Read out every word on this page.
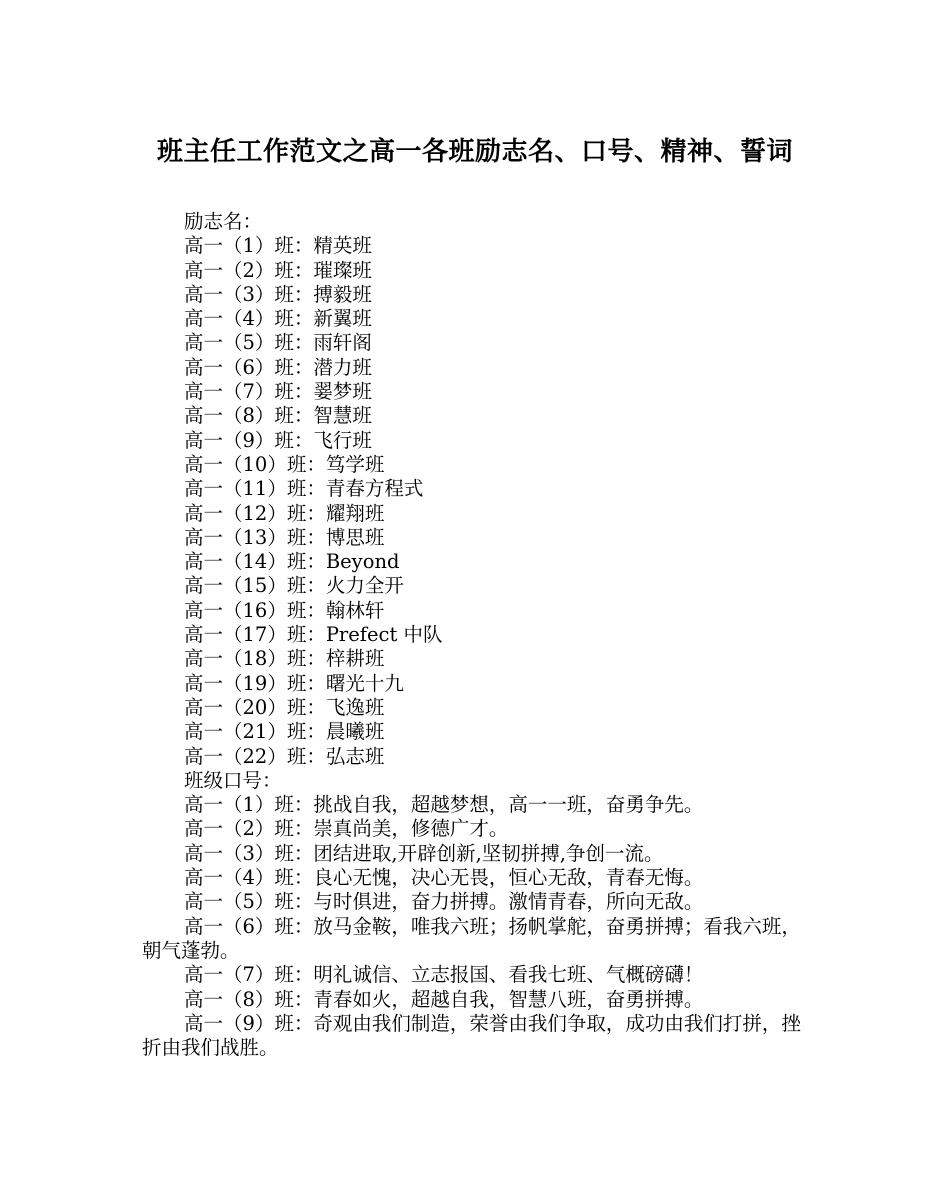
班主任工作范文之高一各班励志名、口号、精神、誓词

励志名：

高一（1）班：精英班

高一（2）班：璀璨班

高一（3）班：搏毅班

高一（4）班：新翼班

高一（5）班：雨轩阁

高一（6）班：潜力班

高一（7）班：翣梦班

高一（8）班：智慧班

高一（9）班：飞行班

高一（10）班：笃学班

高一（11）班：青春方程式

高一（12）班：耀翔班

高一（13）班：博思班

高一（14）班：Beyond

高一（15）班：火力全开

高一（16）班：翰林轩

高一（17）班：Prefect 中队

高一（18）班：梓耕班

高一（19）班：曙光十九

高一（20）班：飞逸班

高一（21）班：晨曦班

高一（22）班：弘志班

班级口号：

高一（1）班：挑战自我，超越梦想，高一一班，奋勇争先。

高一（2）班：崇真尚美，修德广才。

高一（3）班：团结进取,开辟创新,坚韧拼搏,争创一流。

高一（4）班：良心无愧，决心无畏，恒心无敌，青春无悔。

高一（5）班：与时俱进，奋力拼搏。激情青春，所向无敌。

高一（6）班：放马金鞍，唯我六班；扬帆掌舵，奋勇拼搏；看我六班，朝气蓬勃。

高一（7）班：明礼诚信、立志报国、看我七班、气概磅礴！

高一（8）班：青春如火，超越自我，智慧八班，奋勇拼搏。

高一（9）班：奇观由我们制造，荣誉由我们争取，成功由我们打拼，挫折由我们战胜。
